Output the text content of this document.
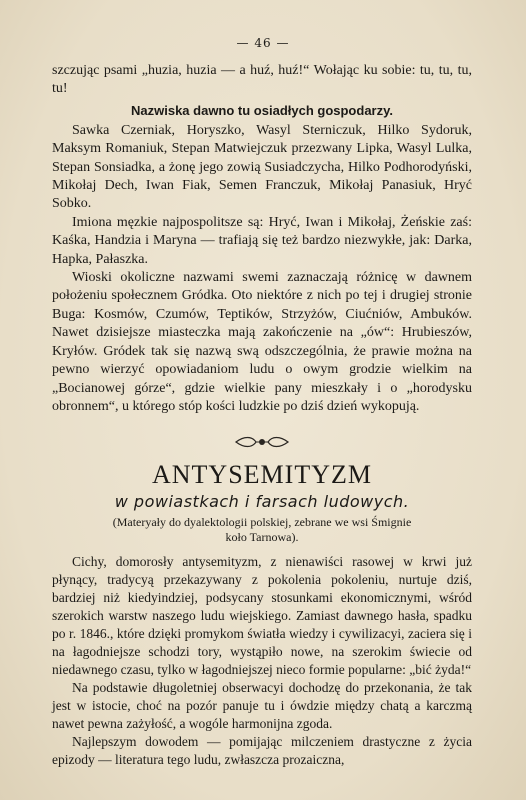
— 46 —

szczując psami „huzia, huzia — a huź, huź!“ Wołając ku sobie: tu, tu, tu, tu!

Nazwiska dawno tu osiadłych gospodarzy.

Sawka Czerniak, Horyszko, Wasyl Sterniczuk, Hilko Sydoruk, Maksym Romaniuk, Stepan Matwiejczuk przezwany Lipka, Wasyl Lulka, Stepan Sonsiadka, a żonę jego zowią Susiadczycha, Hilko Podhorodyński, Mikołaj Dech, Iwan Fiak, Semen Franczuk, Mikołaj Panasiuk, Hryć Sobko.

Imiona męzkie najpospolitsze są: Hryć, Iwan i Mikołaj, Żeńskie zaś: Kaśka, Handzia i Maryna — trafiają się też bardzo niezwykłe, jak: Darka, Hapka, Pałaszka.

Wioski okoliczne nazwami swemi zaznaczają różnicę w dawnem położeniu społecznem Gródka. Oto niektóre z nich po tej i drugiej stronie Buga: Kosmów, Czumów, Teptików, Strzyżów, Ciućniów, Ambuków. Nawet dzisiejsze miasteczka mają zakończenie na „ów“: Hrubieszów, Kryłów. Gródek tak się nazwą swą odszczególnia, że prawie można na pewno wierzyć opowiadaniom ludu o owym grodzie wielkim na „Bocianowej górze“, gdzie wielkie pany mieszkały i o „horodysku obronnem“, u którego stóp kości ludzkie po dziś dzień wykopują.

ANTYSEMITYZM
w powiastkach i farsach ludowych.
(Materyały do dyalektologii polskiej, zebrane we wsi Śmignie
koło Tarnowa).

Cichy, domorosły antysemityzm, z nienawiści rasowej w krwi już płynący, tradycyą przekazywany z pokolenia pokoleniu, nurtuje dziś, bardziej niż kiedyindziej, podsycany stosunkami ekonomicznymi, wśród szerokich warstw naszego ludu wiejskiego. Zamiast dawnego hasła, spadku po r. 1846., które dzięki promykom światła wiedzy i cywilizacyi, zaciera się i na łagodniejsze schodzi tory, wystąpiło nowe, na szerokim świecie od niedawnego czasu, tylko w łagodniejszej nieco formie popularne: „bić żyda!“

Na podstawie długoletniej obserwacyi dochodzę do przekonania, że tak jest w istocie, choć na pozór panuje tu i ówdzie między chatą a karczmą nawet pewna zażyłość, a wogóle harmonijna zgoda.

Najlepszym dowodem — pomijając milczeniem drastyczne z życia epizody — literatura tego ludu, zwłaszcza prozaiczna,
